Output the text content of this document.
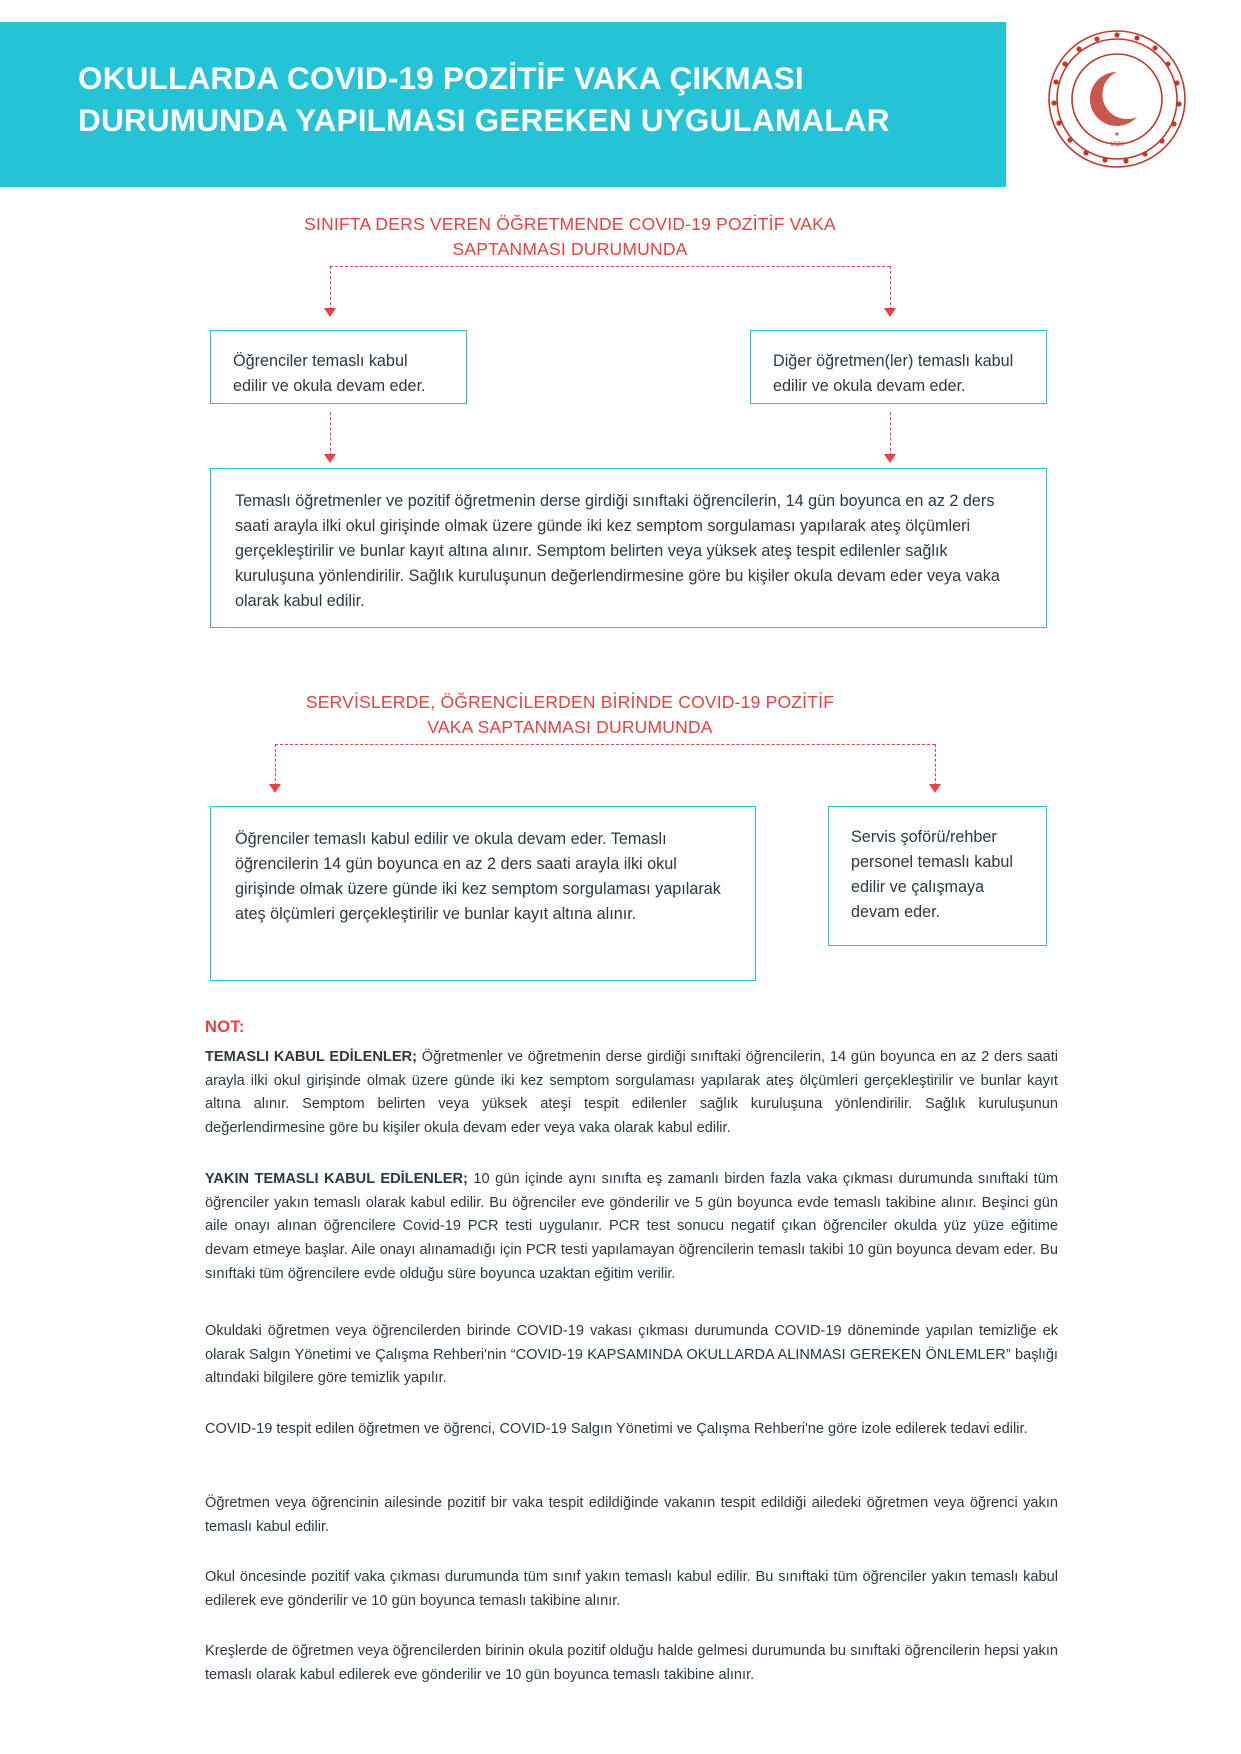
OKULLARDA COVID-19 POZİTİF VAKA ÇIKMASI DURUMUNDA YAPILMASI GEREKEN UYGULAMALAR	★
1920
SINIFTA DERS VEREN ÖĞRETMENDE COVID-19 POZİTİF VAKA SAPTANMASI DURUMUNDA
Öğrenciler temaslı kabul edilir ve okula devam eder.
Diğer öğretmen(ler) temaslı kabul edilir ve okula devam eder.
Temaslı öğretmenler ve pozitif öğretmenin derse girdiği sınıftaki öğrencilerin, 14 gün boyunca en az 2 ders saati arayla ilki okul girişinde olmak üzere günde iki kez semptom sorgulaması yapılarak ateş ölçümleri gerçekleştirilir ve bunlar kayıt altına alınır. Semptom belirten veya yüksek ateş tespit edilenler sağlık kuruluşuna yönlendirilir. Sağlık kuruluşunun değerlendirmesine göre bu kişiler okula devam eder veya vaka olarak kabul edilir.
SERVİSLERDE, ÖĞRENCİLERDEN BİRİNDE COVID-19 POZİTİF VAKA SAPTANMASI DURUMUNDA
Öğrenciler temaslı kabul edilir ve okula devam eder. Temaslı öğrencilerin 14 gün boyunca en az 2 ders saati arayla ilki okul girişinde olmak üzere günde iki kez semptom sorgulaması yapılarak ateş ölçümleri gerçekleştirilir ve bunlar kayıt altına alınır.
Servis şoförü/rehber personel temaslı kabul edilir ve çalışmaya devam eder.
NOT:
TEMASLI KABUL EDİLENLER; Öğretmenler ve öğretmenin derse girdiği sınıftaki öğrencilerin, 14 gün boyunca en az 2 ders saati arayla ilki okul girişinde olmak üzere günde iki kez semptom sorgulaması yapılarak ateş ölçümleri gerçekleştirilir ve bunlar kayıt altına alınır. Semptom belirten veya yüksek ateşi tespit edilenler sağlık kuruluşuna yönlendirilir. Sağlık kuruluşunun değerlendirmesine göre bu kişiler okula devam eder veya vaka olarak kabul edilir.
YAKIN TEMASLI KABUL EDİLENLER; 10 gün içinde aynı sınıfta eş zamanlı birden fazla vaka çıkması durumunda sınıftaki tüm öğrenciler yakın temaslı olarak kabul edilir. Bu öğrenciler eve gönderilir ve 5 gün boyunca evde temaslı takibine alınır. Beşinci gün aile onayı alınan öğrencilere Covid-19 PCR testi uygulanır. PCR test sonucu negatif çıkan öğrenciler okulda yüz yüze eğitime devam etmeye başlar. Aile onayı alınamadığı için PCR testi yapılamayan öğrencilerin temaslı takibi 10 gün boyunca devam eder. Bu sınıftaki tüm öğrencilere evde olduğu süre boyunca uzaktan eğitim verilir.
Okuldaki öğretmen veya öğrencilerden birinde COVID-19 vakası çıkması durumunda COVID-19 döneminde yapılan temizliğe ek olarak Salgın Yönetimi ve Çalışma Rehberi'nin “COVID-19 KAPSAMINDA OKULLARDA ALINMASI GEREKEN ÖNLEMLER” başlığı altındaki bilgilere göre temizlik yapılır.
COVID-19 tespit edilen öğretmen ve öğrenci, COVID-19 Salgın Yönetimi ve Çalışma Rehberi'ne göre izole edilerek tedavi edilir.
Öğretmen veya öğrencinin ailesinde pozitif bir vaka tespit edildiğinde vakanın tespit edildiği ailedeki öğretmen veya öğrenci yakın temaslı kabul edilir.
Okul öncesinde pozitif vaka çıkması durumunda tüm sınıf yakın temaslı kabul edilir. Bu sınıftaki tüm öğrenciler yakın temaslı kabul edilerek eve gönderilir ve 10 gün boyunca temaslı takibine alınır.
Kreşlerde de öğretmen veya öğrencilerden birinin okula pozitif olduğu halde gelmesi durumunda bu sınıftaki öğrencilerin hepsi yakın temaslı olarak kabul edilerek eve gönderilir ve 10 gün boyunca temaslı takibine alınır.
